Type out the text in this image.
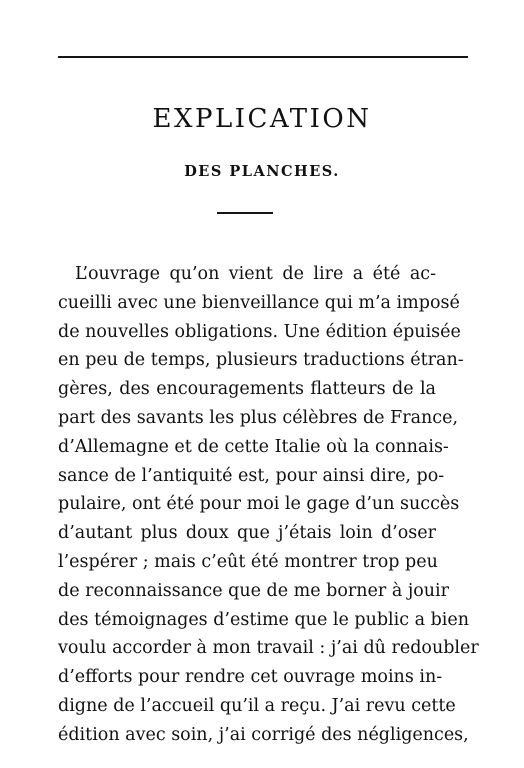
EXPLICATION
DES PLANCHES.
L’ouvrage qu’on vient de lire a été ac-
cueilli avec une bienveillance qui m’a imposé
de nouvelles obligations. Une édition épuisée
en peu de temps, plusieurs traductions étran-
gères, des encouragements flatteurs de la
part des savants les plus célèbres de France,
d’Allemagne et de cette Italie où la connais-
sance de l’antiquité est, pour ainsi dire, po-
pulaire, ont été pour moi le gage d’un succès
d’autant plus doux que j’étais loin d’oser
l’espérer ; mais c’eût été montrer trop peu
de reconnaissance que de me borner à jouir
des témoignages d’estime que le public a bien
voulu accorder à mon travail : j’ai dû redoubler
d’efforts pour rendre cet ouvrage moins in-
digne de l’accueil qu’il a reçu. J’ai revu cette
édition avec soin, j’ai corrigé des négligences,
